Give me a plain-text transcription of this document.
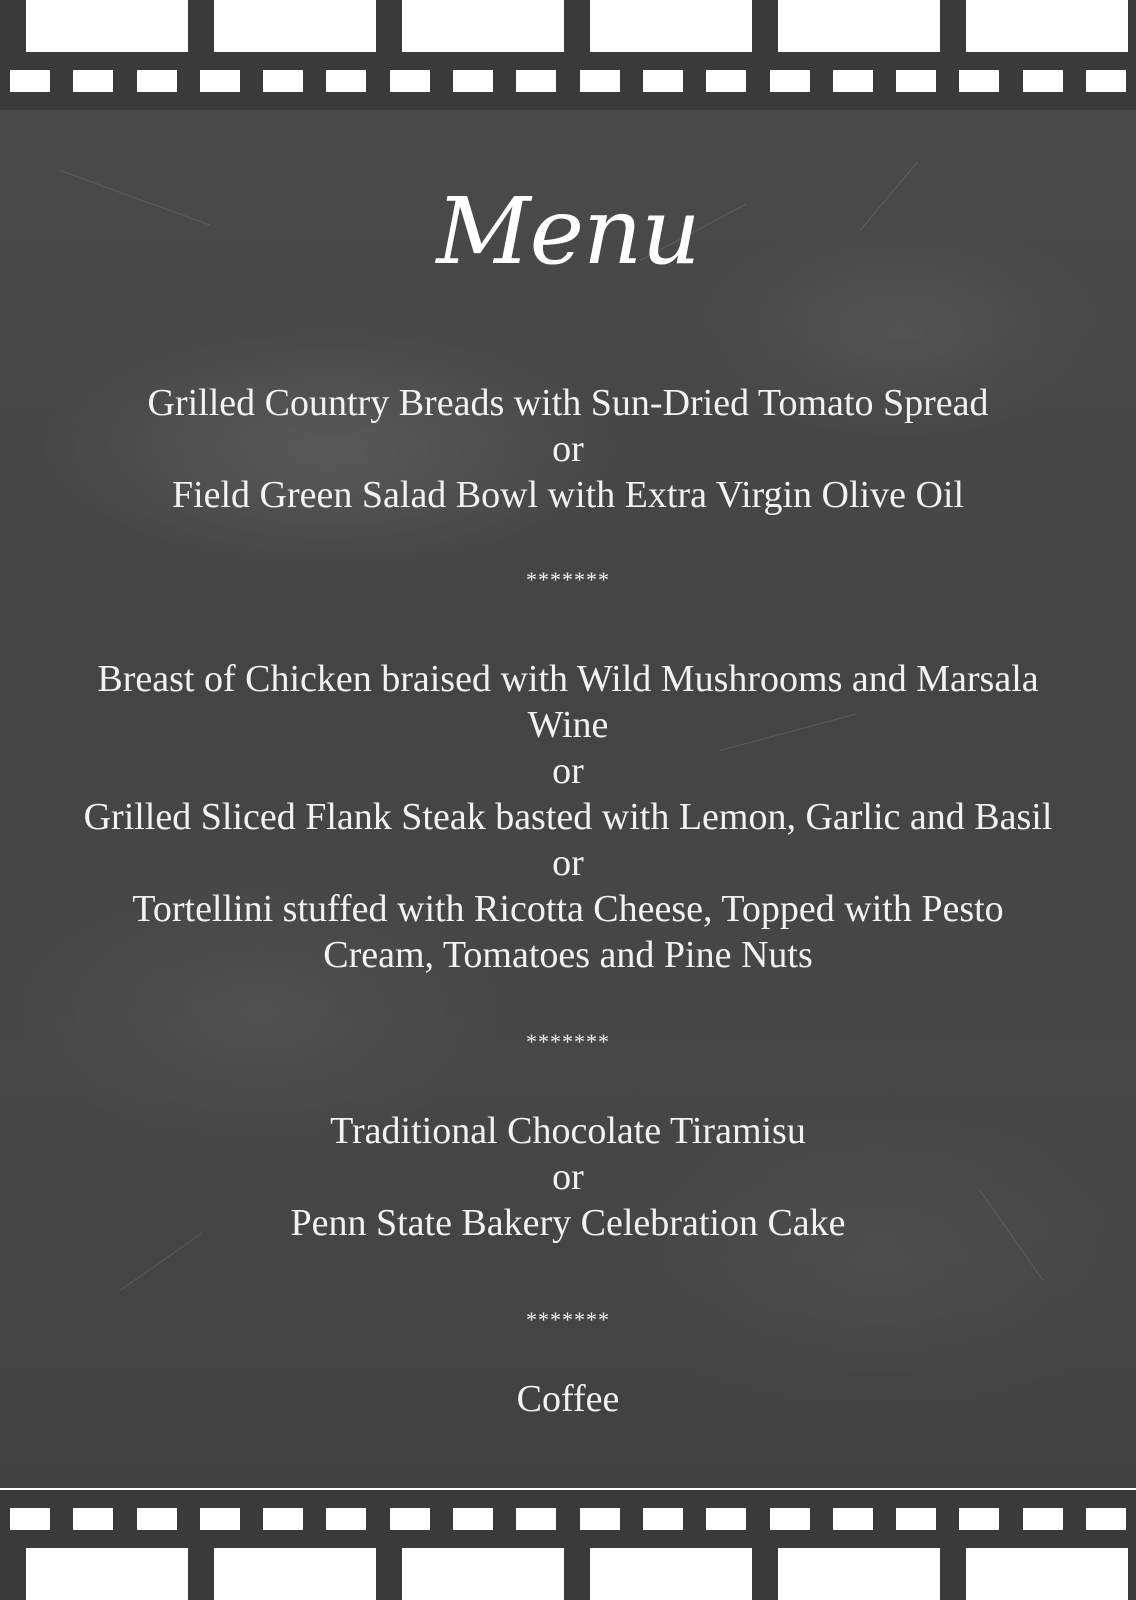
Menu
Grilled Country Breads with Sun-Dried Tomato Spread
or
Field Green Salad Bowl with Extra Virgin Olive Oil
*******
Breast of Chicken braised with Wild Mushrooms and Marsala
Wine
or
Grilled Sliced Flank Steak basted with Lemon, Garlic and Basil
or
Tortellini stuffed with Ricotta Cheese, Topped with Pesto
Cream, Tomatoes and Pine Nuts
*******
Traditional Chocolate Tiramisu
or
Penn State Bakery Celebration Cake
*******
Coffee
